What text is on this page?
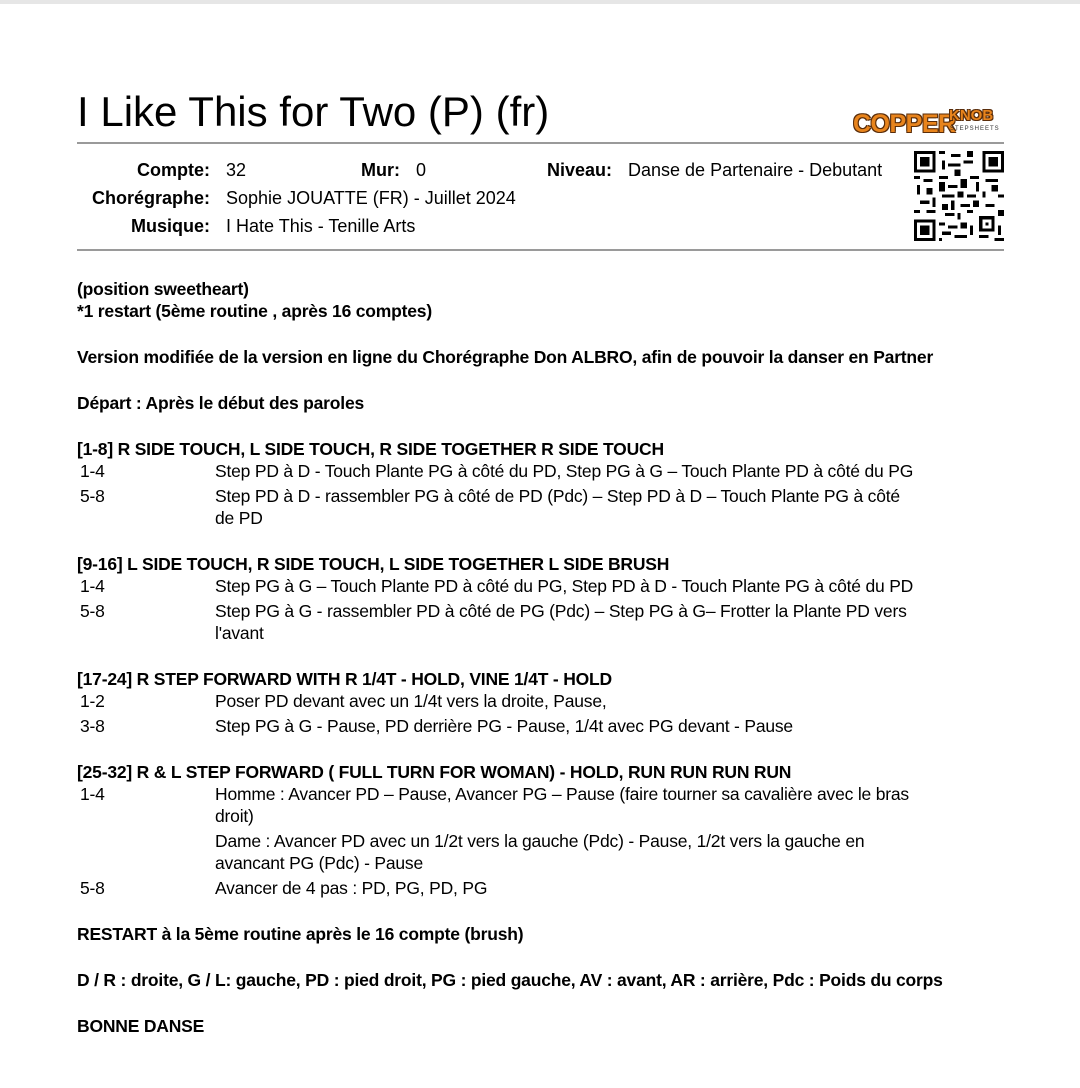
I Like This for Two (P) (fr)	COPPER
KNOB
STEPSHEETS
Compte: 32	Mur: 0	Niveau: Danse de Partenaire - Debutant
Chorégraphe: Sophie JOUATTE (FR) - Juillet 2024
Musique: I Hate This - Tenille Arts

(position sweetheart)

*1 restart (5ème routine , après 16 comptes)

Version modifiée de la version en ligne du Chorégraphe Don ALBRO, afin de pouvoir la danser en Partner

Départ : Après le début des paroles

[1-8] R SIDE TOUCH, L SIDE TOUCH, R SIDE TOGETHER R SIDE TOUCH

1-4	Step PD à D - Touch Plante PG à côté du PD, Step PG à G – Touch Plante PD à côté du PG
5-8	Step PD à D - rassembler PG à côté de PD (Pdc) – Step PD à D – Touch Plante PG à côté
de PD

[9-16] L SIDE TOUCH, R SIDE TOUCH, L SIDE TOGETHER L SIDE BRUSH

1-4	Step PG à G – Touch Plante PD à côté du PG, Step PD à D - Touch Plante PG à côté du PD
5-8	Step PG à G - rassembler PD à côté de PG (Pdc) – Step PG à G– Frotter la Plante PD vers
l'avant

[17-24] R STEP FORWARD WITH R 1/4T - HOLD, VINE 1/4T - HOLD

1-2	Poser PD devant avec un 1/4t vers la droite, Pause,
3-8	Step PG à G - Pause, PD derrière PG - Pause, 1/4t avec PG devant - Pause

[25-32] R & L STEP FORWARD ( FULL TURN FOR WOMAN) - HOLD, RUN RUN RUN RUN

1-4	Homme : Avancer PD – Pause, Avancer PG – Pause (faire tourner sa cavalière avec le bras
droit)
Dame : Avancer PD avec un 1/2t vers la gauche (Pdc) - Pause, 1/2t vers la gauche en
avancant PG (Pdc) - Pause
5-8	Avancer de 4 pas : PD, PG, PD, PG

RESTART à la 5ème routine après le 16 compte (brush)

D / R : droite, G / L: gauche, PD : pied droit, PG : pied gauche, AV : avant, AR : arrière, Pdc : Poids du corps

BONNE DANSE
